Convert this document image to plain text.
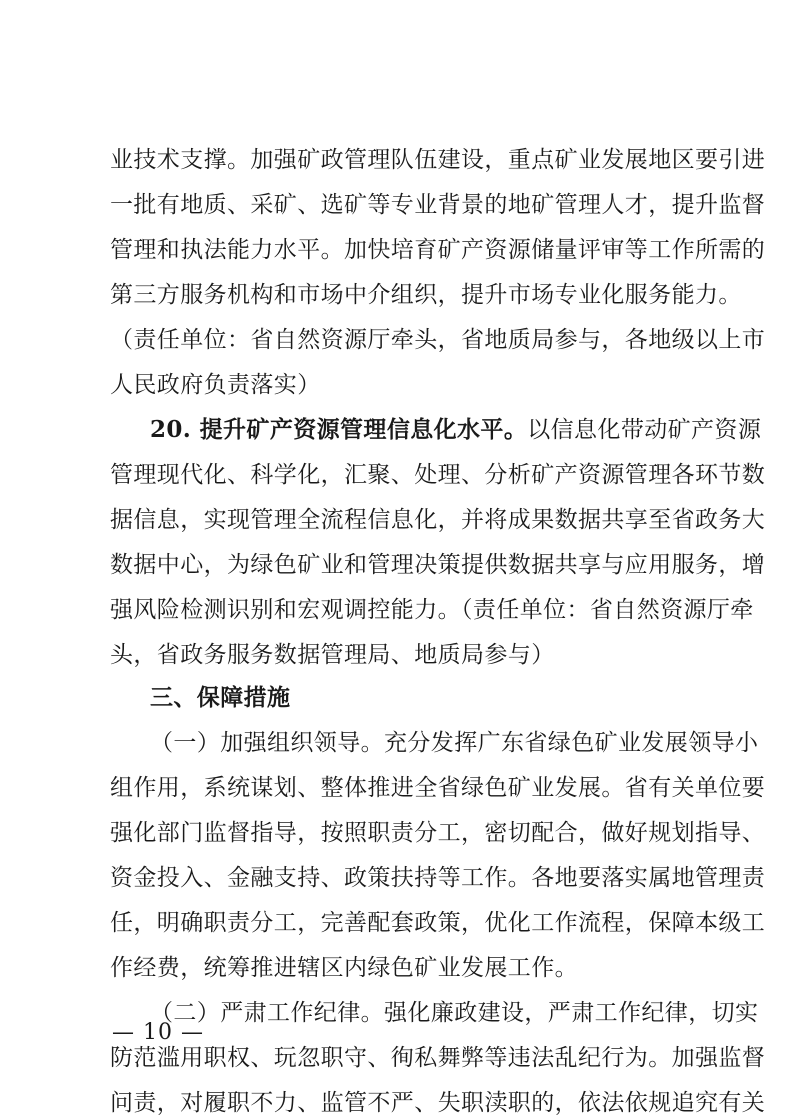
业技术支撑。加强矿政管理队伍建设，重点矿业发展地区要引进
一批有地质、采矿、选矿等专业背景的地矿管理人才，提升监督
管理和执法能力水平。加快培育矿产资源储量评审等工作所需的
第三方服务机构和市场中介组织，提升市场专业化服务能力。
（责任单位：省自然资源厅牵头，省地质局参与，各地级以上市
人民政府负责落实）
20. 提升矿产资源管理信息化水平。以信息化带动矿产资源
管理现代化、科学化，汇聚、处理、分析矿产资源管理各环节数
据信息，实现管理全流程信息化，并将成果数据共享至省政务大
数据中心，为绿色矿业和管理决策提供数据共享与应用服务，增
强风险检测识别和宏观调控能力。（责任单位：省自然资源厅牵
头，省政务服务数据管理局、地质局参与）
三、保障措施
（一）加强组织领导。充分发挥广东省绿色矿业发展领导小
组作用，系统谋划、整体推进全省绿色矿业发展。省有关单位要
强化部门监督指导，按照职责分工，密切配合，做好规划指导、
资金投入、金融支持、政策扶持等工作。各地要落实属地管理责
任，明确职责分工，完善配套政策，优化工作流程，保障本级工
作经费，统筹推进辖区内绿色矿业发展工作。
（二）严肃工作纪律。强化廉政建设，严肃工作纪律，切实
防范滥用职权、玩忽职守、徇私舞弊等违法乱纪行为。加强监督
问责，对履职不力、监管不严、失职渎职的，依法依规追究有关
— 10 —
